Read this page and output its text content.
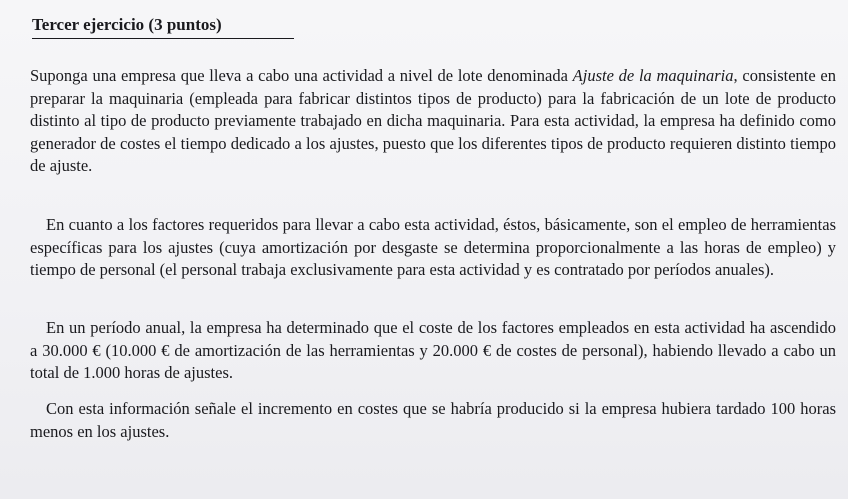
Tercer ejercicio (3 puntos)

Suponga una empresa que lleva a cabo una actividad a nivel de lote denominada Ajuste de la maquinaria, consistente en preparar la maquinaria (empleada para fabricar distintos tipos de producto) para la fabricación de un lote de producto distinto al tipo de producto previamente trabajado en dicha maquinaria. Para esta actividad, la empresa ha definido como generador de costes el tiempo dedicado a los ajustes, puesto que los diferentes tipos de producto requieren distinto tiempo de ajuste.

En cuanto a los factores requeridos para llevar a cabo esta actividad, éstos, básicamente, son el empleo de herramientas específicas para los ajustes (cuya amortización por desgaste se determina proporcionalmente a las horas de empleo) y tiempo de personal (el personal trabaja exclusivamente para esta actividad y es contratado por períodos anuales).

En un período anual, la empresa ha determinado que el coste de los factores empleados en esta actividad ha ascendido a 30.000 € (10.000 € de amortización de las herramientas y 20.000 € de costes de personal), habiendo llevado a cabo un total de 1.000 horas de ajustes.

Con esta información señale el incremento en costes que se habría producido si la empresa hubiera tardado 100 horas menos en los ajustes.
